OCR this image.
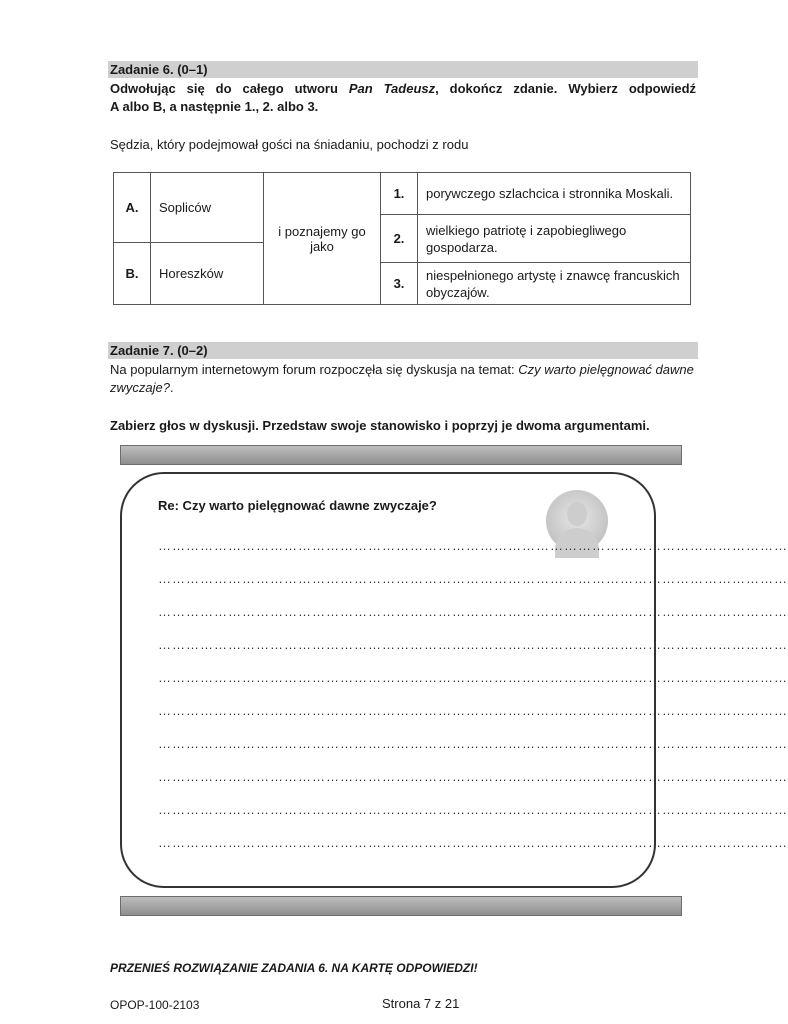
Zadanie 6. (0–1)
Odwołując się do całego utworu Pan Tadeusz, dokończ zdanie. Wybierz odpowiedź
A albo B, a następnie 1., 2. albo 3.
Sędzia, który podejmował gości na śniadaniu, pochodzi z rodu
A.	Sopliców	i poznajemy go jako	1.	porywczego szlachcica i stronnika Moskali.
			2.	wielkiego patriotę i zapobiegliwego gospodarza.
B.	Horeszków			
			3.	niespełnionego artystę i znawcę francuskich obyczajów.

Zadanie 7. (0–2)
Na popularnym internetowym forum rozpoczęła się dyskusja na temat: Czy warto pielęgnować dawne zwyczaje?.
Zabierz głos w dyskusji. Przedstaw swoje stanowisko i poprzyj je dwoma argumentami.
Re: Czy warto pielęgnować dawne zwyczaje?
………………………………………………………………………………………………………………………
………………………………………………………………………………………………………………………
………………………………………………………………………………………………………………………
………………………………………………………………………………………………………………………
………………………………………………………………………………………………………………………
………………………………………………………………………………………………………………………
………………………………………………………………………………………………………………………
………………………………………………………………………………………………………………………
………………………………………………………………………………………………………………………
………………………………………………………………………………………………………………………
PRZENIEŚ ROZWIĄZANIE ZADANIA 6. NA KARTĘ ODPOWIEDZI!
OPOP-100-2103	Strona 7 z 21
